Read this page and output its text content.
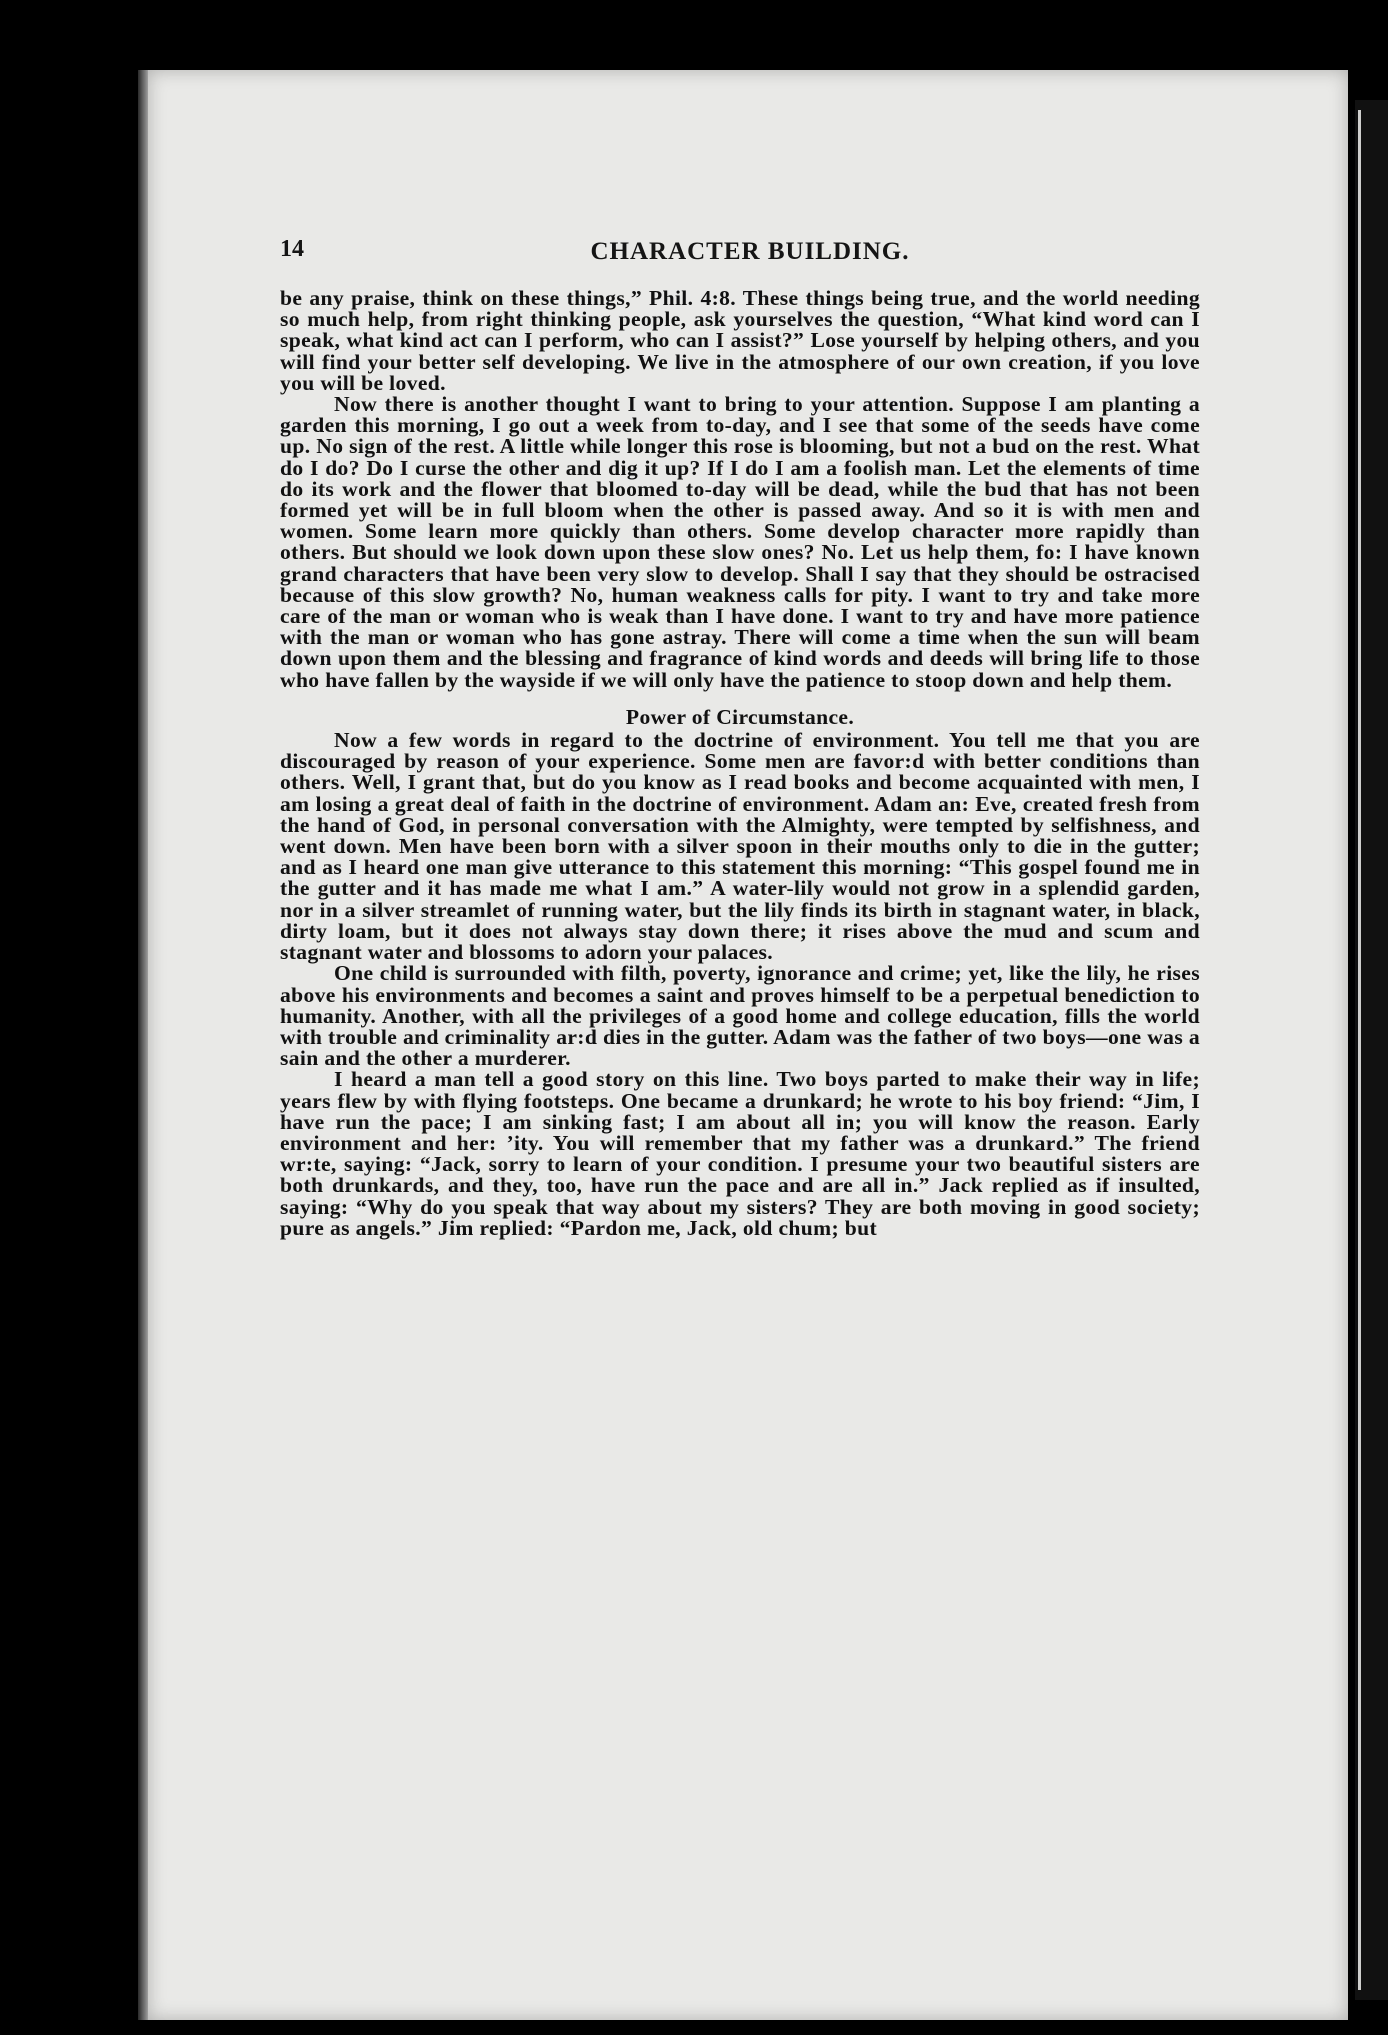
14	CHARACTER BUILDING.

be any praise, think on these things,” Phil. 4:8. These things being true, and the world needing so much help, from right thinking people, ask yourselves the question, “What kind word can I speak, what kind act can I perform, who can I assist?” Lose yourself by helping others, and you will find your better self developing. We live in the atmosphere of our own creation, if you love you will be loved.

Now there is another thought I want to bring to your attention. Suppose I am planting a garden this morning, I go out a week from to-day, and I see that some of the seeds have come up. No sign of the rest. A little while longer this rose is blooming, but not a bud on the rest. What do I do? Do I curse the other and dig it up? If I do I am a foolish man. Let the elements of time do its work and the flower that bloomed to-day will be dead, while the bud that has not been formed yet will be in full bloom when the other is passed away. And so it is with men and women. Some learn more quickly than others. Some develop character more rapidly than others. But should we look down upon these slow ones? No. Let us help them, fo: I have known grand characters that have been very slow to develop. Shall I say that they should be ostracised because of this slow growth? No, human weakness calls for pity. I want to try and take more care of the man or woman who is weak than I have done. I want to try and have more patience with the man or woman who has gone astray. There will come a time when the sun will beam down upon them and the blessing and fragrance of kind words and deeds will bring life to those who have fallen by the wayside if we will only have the patience to stoop down and help them.

Power of Circumstance.

Now a few words in regard to the doctrine of environment. You tell me that you are discouraged by reason of your experience. Some men are favor:d with better conditions than others. Well, I grant that, but do you know as I read books and become acquainted with men, I am losing a great deal of faith in the doctrine of environment. Adam an: Eve, created fresh from the hand of God, in personal conversation with the Almighty, were tempted by selfishness, and went down. Men have been born with a silver spoon in their mouths only to die in the gutter; and as I heard one man give utterance to this statement this morning: “This gospel found me in the gutter and it has made me what I am.” A water-lily would not grow in a splendid garden, nor in a silver streamlet of running water, but the lily finds its birth in stagnant water, in black, dirty loam, but it does not always stay down there; it rises above the mud and scum and stagnant water and blossoms to adorn your palaces.

One child is surrounded with filth, poverty, ignorance and crime; yet, like the lily, he rises above his environments and becomes a saint and proves himself to be a perpetual benediction to humanity. Another, with all the privileges of a good home and college education, fills the world with trouble and criminality ar:d dies in the gutter. Adam was the father of two boys—one was a sain and the other a murderer.

I heard a man tell a good story on this line. Two boys parted to make their way in life; years flew by with flying footsteps. One became a drunkard; he wrote to his boy friend: “Jim, I have run the pace; I am sinking fast; I am about all in; you will know the reason. Early environment and her: ’ity. You will remember that my father was a drunkard.” The friend wr:te, saying: “Jack, sorry to learn of your condition. I presume your two beautiful sisters are both drunkards, and they, too, have run the pace and are all in.” Jack replied as if insulted, saying: “Why do you speak that way about my sisters? They are both moving in good society; pure as angels.” Jim replied: “Pardon me, Jack, old chum; but
